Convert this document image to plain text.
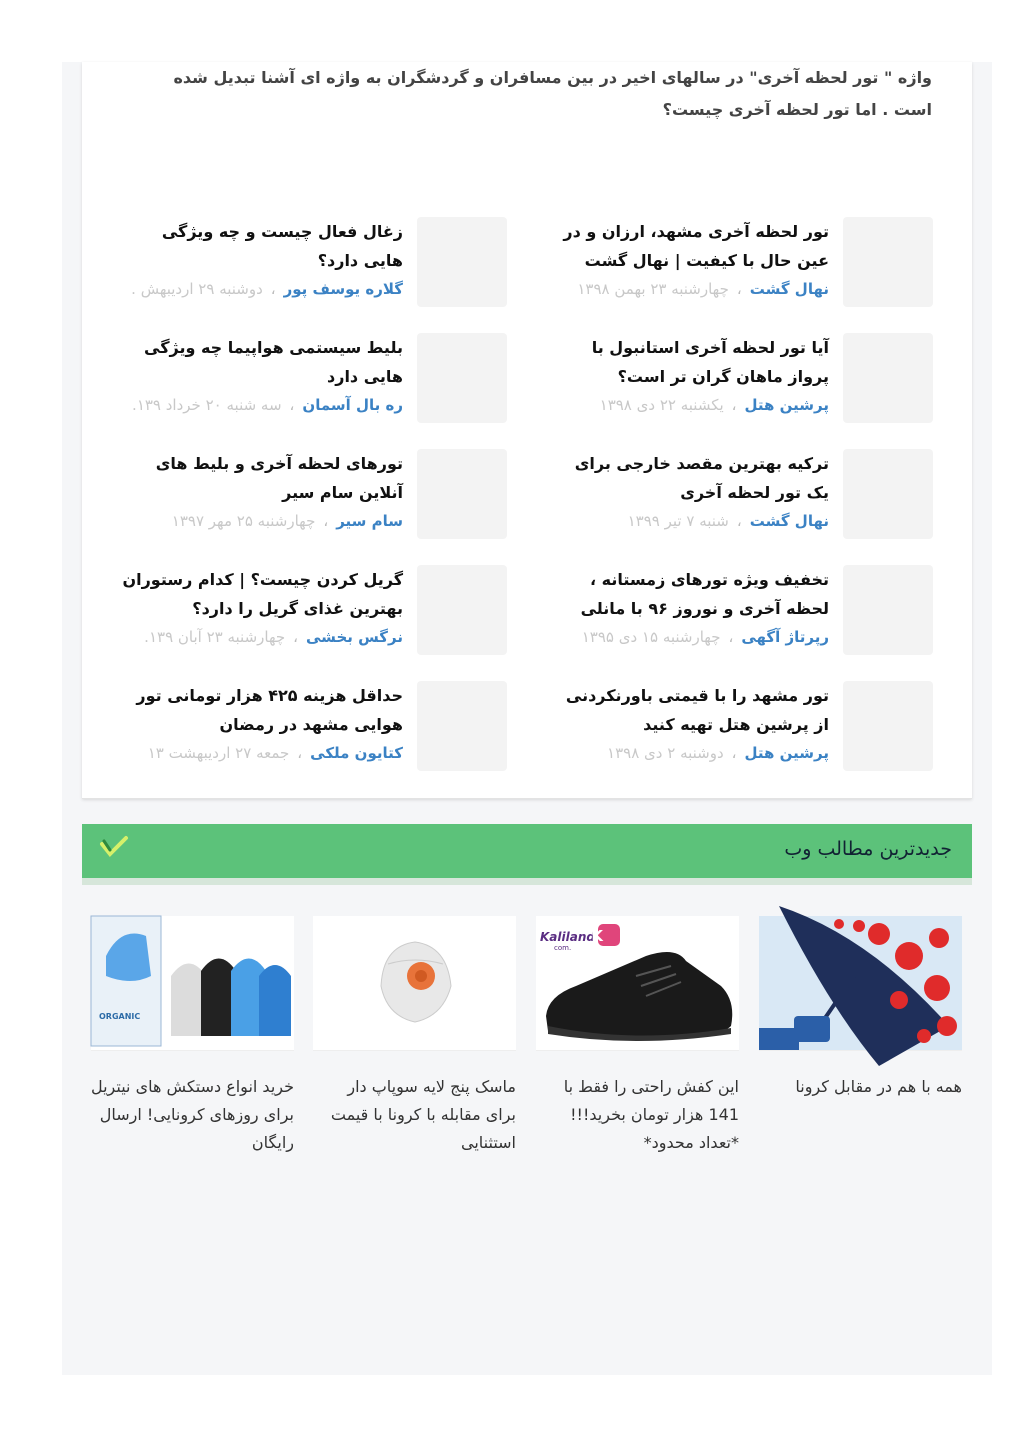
واژه " تور لحظه آخری" در سالهای اخیر در بین مسافران و گردشگران به واژه ای آشنا تبدیل شده است . اما تور لحظه آخری چیست؟

تور لحظه آخری مشهد، ارزان و در عین حال با کیفیت | نهال گشت

نهال گشت،چهارشنبه ۲۳ بهمن ۱۳۹۸

آیا تور لحظه آخری استانبول با پرواز ماهان گران تر است؟

پرشین هتل،یکشنبه ۲۲ دی ۱۳۹۸

ترکیه بهترین مقصد خارجی برای یک تور لحظه آخری

نهال گشت،شنبه ۷ تیر ۱۳۹۹

تخفیف ویژه تورهای زمستانه ، لحظه آخری و نوروز ۹۶ با مانلی

رپرتاژ آگهی،چهارشنبه ۱۵ دی ۱۳۹۵

تور مشهد را با قیمتی باورنکردنی از پرشین هتل تهیه کنید

پرشین هتل،دوشنبه ۲ دی ۱۳۹۸

زغال فعال چیست و چه ویژگی هایی دارد؟

گلاره یوسف پور،دوشنبه ۲۹ اردیبهش .

بلیط سیستمی هواپیما چه ویژگی هایی دارد

ره بال آسمان،سه شنبه ۲۰ خرداد ۱۳۹.

تورهای لحظه آخری و بلیط های آنلاین سام سیر

سام سیر،چهارشنبه ۲۵ مهر ۱۳۹۷

گریل کردن چیست؟ | کدام رستوران بهترین غذای گریل را دارد؟

نرگس بخشی،چهارشنبه ۲۳ آبان ۱۳۹.

حداقل هزینه ۴۲۵ هزار تومانی تور هوایی مشهد در رمضان

کتایون ملکی،جمعه ۲۷ اردیبهشت ۱۳
جدیدترین مطالب وب

همه با هم در مقابل کرونا

Kaliland
.com
K

این کفش راحتی را فقط با 141 هزار تومان بخرید!!! *تعداد محدود*

ماسک پنج لایه سوپاپ دار برای مقابله با کرونا با قیمت استثنایی

ORGANIC

خرید انواع دستکش های نیتریل برای روزهای کرونایی! ارسال رایگان
